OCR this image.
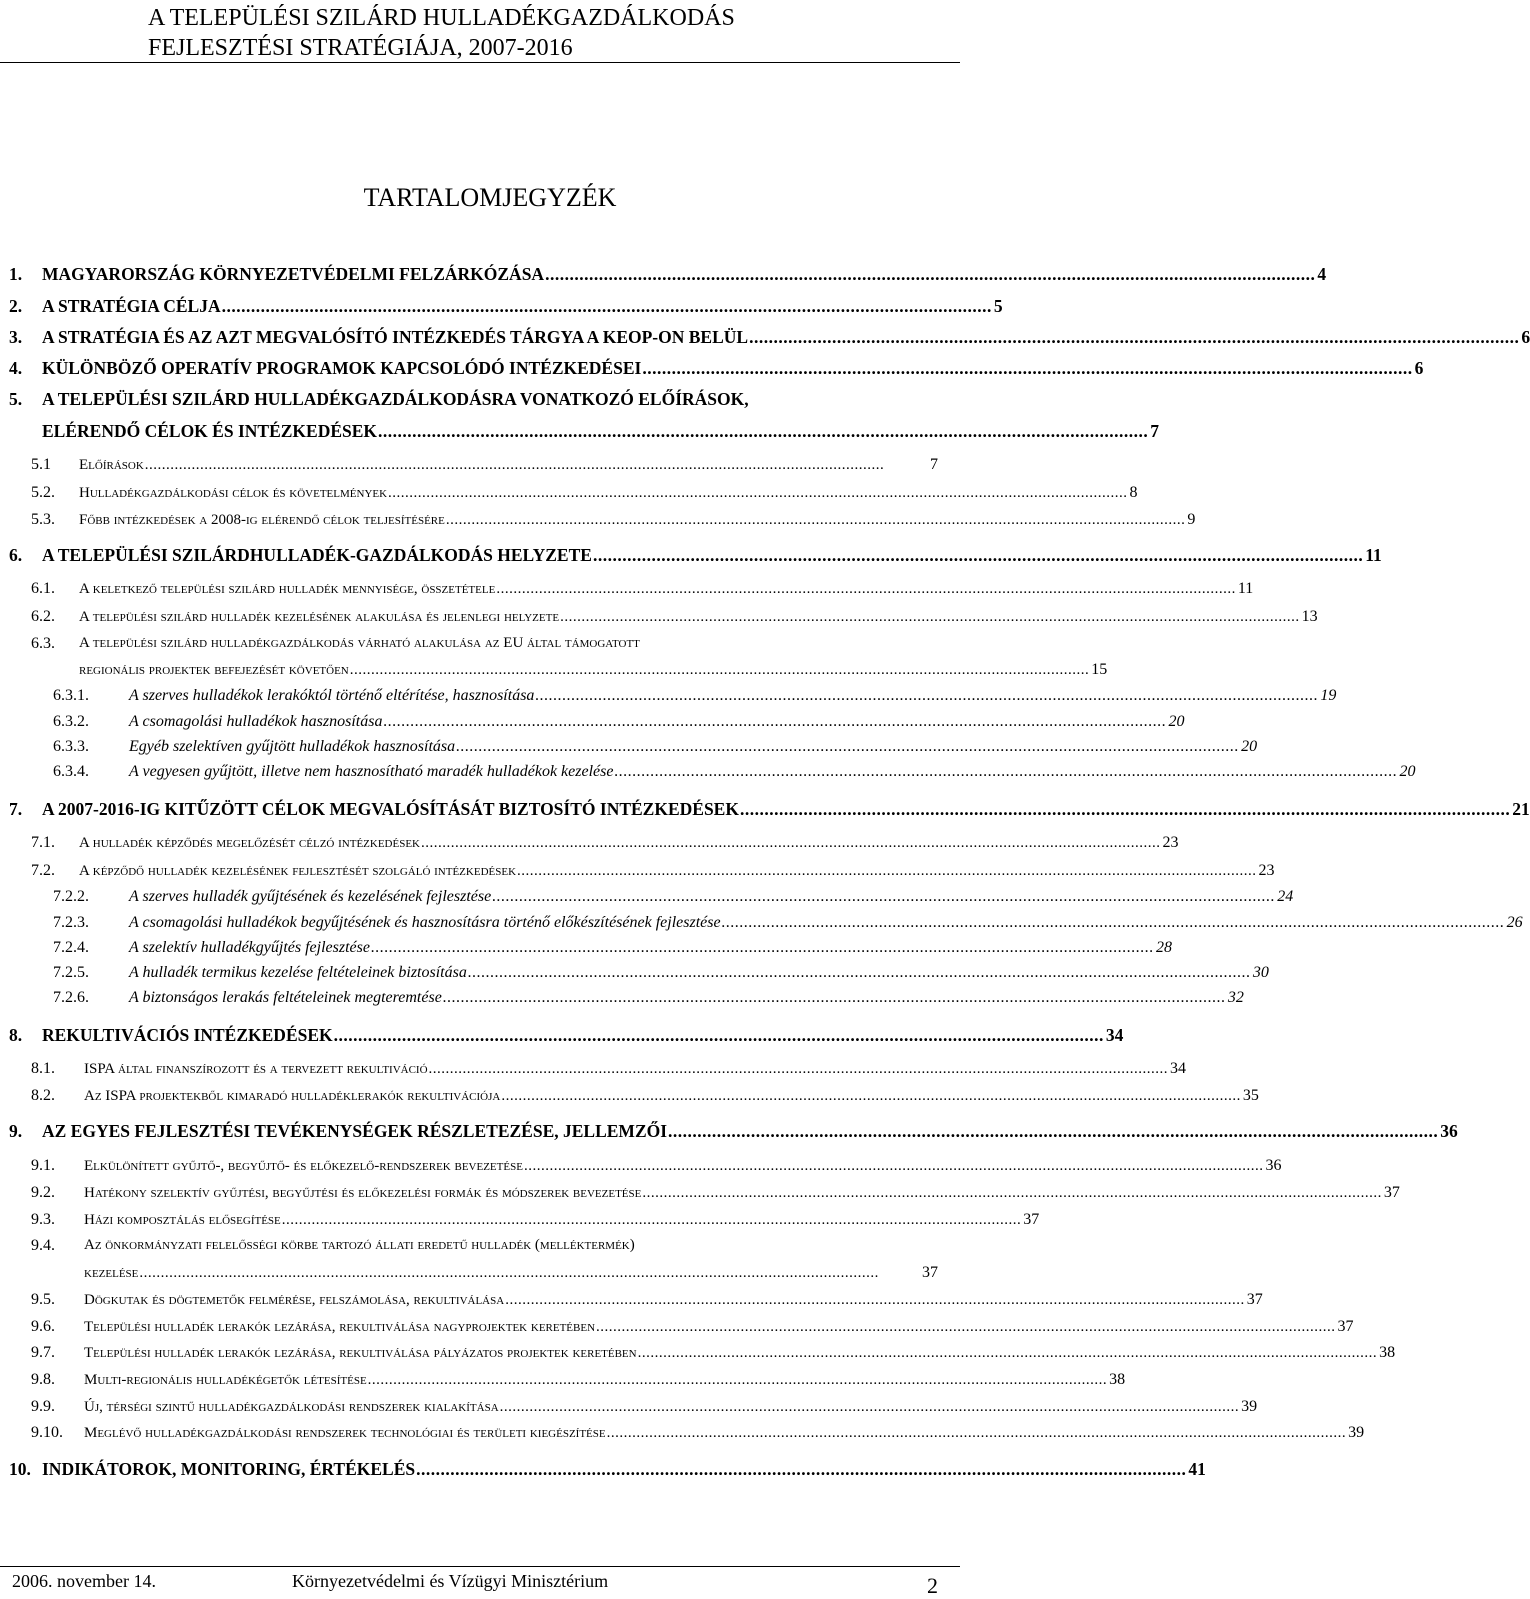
A TELEPÜLÉSI SZILÁRD HULLADÉKGAZDÁLKODÁS
FEJLESZTÉSI STRATÉGIÁJA, 2007-2016
TARTALOMJEGYZÉK
1. MAGYARORSZÁG KÖRNYEZETVÉDELMI FELZÁRKÓZÁSA .............................................................................................................................................................. 4
2. A STRATÉGIA CÉLJA .............................................................................................................................................................. 5
3. A STRATÉGIA ÉS AZ AZT MEGVALÓSÍTÓ INTÉZKEDÉS TÁRGYA A KEOP-ON BELÜL .............................................................................................................................................................. 6
4. KÜLÖNBÖZŐ OPERATÍV PROGRAMOK KAPCSOLÓDÓ INTÉZKEDÉSEI .............................................................................................................................................................. 6
5. A TELEPÜLÉSI SZILÁRD HULLADÉKGAZDÁLKODÁSRA VONATKOZÓ ELŐÍRÁSOK,
ELÉRENDŐ CÉLOK ÉS INTÉZKEDÉSEK .............................................................................................................................................................. 7
5.1 Előírások ..............................................................................................................................................................................	7
5.2. Hulladékgazdálkodási célok és követelmények .............................................................................................................................................................................. 8
5.3. Főbb intézkedések a 2008-ig elérendő célok teljesítésére .............................................................................................................................................................................. 9
6. A TELEPÜLÉSI SZILÁRDHULLADÉK-GAZDÁLKODÁS HELYZETE .............................................................................................................................................................. 11
6.1. A keletkező települési szilárd hulladék mennyisége, összetétele .............................................................................................................................................................................. 11
6.2. A települési szilárd hulladék kezelésének alakulása és jelenlegi helyzete .............................................................................................................................................................................. 13
6.3. A települési szilárd hulladékgazdálkodás várható alakulása az EU által támogatott
regionális projektek befejezését követően .............................................................................................................................................................................. 15
6.3.1.	A szerves hulladékok lerakóktól történő eltérítése, hasznosítása .............................................................................................................................................................................. 19
6.3.2.	A csomagolási hulladékok hasznosítása .............................................................................................................................................................................. 20
6.3.3.	Egyéb szelektíven gyűjtött hulladékok hasznosítása .............................................................................................................................................................................. 20
6.3.4.	A vegyesen gyűjtött, illetve nem hasznosítható maradék hulladékok kezelése .............................................................................................................................................................................. 20
7. A 2007-2016-IG KITŰZÖTT CÉLOK MEGVALÓSÍTÁSÁT BIZTOSÍTÓ INTÉZKEDÉSEK .............................................................................................................................................................. 21
7.1. A hulladék képződés megelőzését célzó intézkedések .............................................................................................................................................................................. 23
7.2. A képződő hulladék kezelésének fejlesztését szolgáló intézkedések .............................................................................................................................................................................. 23
7.2.2.	A szerves hulladék gyűjtésének és kezelésének fejlesztése .............................................................................................................................................................................. 24
7.2.3.	A csomagolási hulladékok begyűjtésének és hasznosításra történő előkészítésének fejlesztése .............................................................................................................................................................................. 26
7.2.4.	A szelektív hulladékgyűjtés fejlesztése .............................................................................................................................................................................. 28
7.2.5.	A hulladék termikus kezelése feltételeinek biztosítása .............................................................................................................................................................................. 30
7.2.6.	A biztonságos lerakás feltételeinek megteremtése .............................................................................................................................................................................. 32
8. REKULTIVÁCIÓS INTÉZKEDÉSEK .............................................................................................................................................................. 34
8.1. ISPA által finanszírozott és a tervezett rekultiváció .............................................................................................................................................................................. 34
8.2. Az ISPA projektekből kimaradó hulladéklerakók rekultivációja .............................................................................................................................................................................. 35
9. AZ EGYES FEJLESZTÉSI TEVÉKENYSÉGEK RÉSZLETEZÉSE, JELLEMZŐI .............................................................................................................................................................. 36
9.1. Elkülönített gyűjtő-, begyűjtő- és előkezelő-rendszerek bevezetése .............................................................................................................................................................................. 36
9.2. Hatékony szelektív gyűjtési, begyűjtési és előkezelési formák és módszerek bevezetése .............................................................................................................................................................................. 37
9.3. Házi komposztálás elősegítése .............................................................................................................................................................................. 37
9.4. Az önkormányzati felelősségi körbe tartozó állati eredetű hulladék (melléktermék)
kezelése ..............................................................................................................................................................................	37
9.5. Dögkutak és dögtemetők felmérése, felszámolása, rekultiválása .............................................................................................................................................................................. 37
9.6. Települési hulladék lerakók lezárása, rekultiválása nagyprojektek keretében .............................................................................................................................................................................. 37
9.7. Települési hulladék lerakók lezárása, rekultiválása pályázatos projektek keretében .............................................................................................................................................................................. 38
9.8. Multi-regionális hulladékégetők létesítése .............................................................................................................................................................................. 38
9.9. Új, térségi szintű hulladékgazdálkodási rendszerek kialakítása .............................................................................................................................................................................. 39
9.10. Meglévő hulladékgazdálkodási rendszerek technológiai és területi kiegészítése .............................................................................................................................................................................. 39
10. INDIKÁTOROK, MONITORING, ÉRTÉKELÉS .............................................................................................................................................................. 41
2006. november 14.	Környezetvédelmi és Vízügyi Minisztérium	2
